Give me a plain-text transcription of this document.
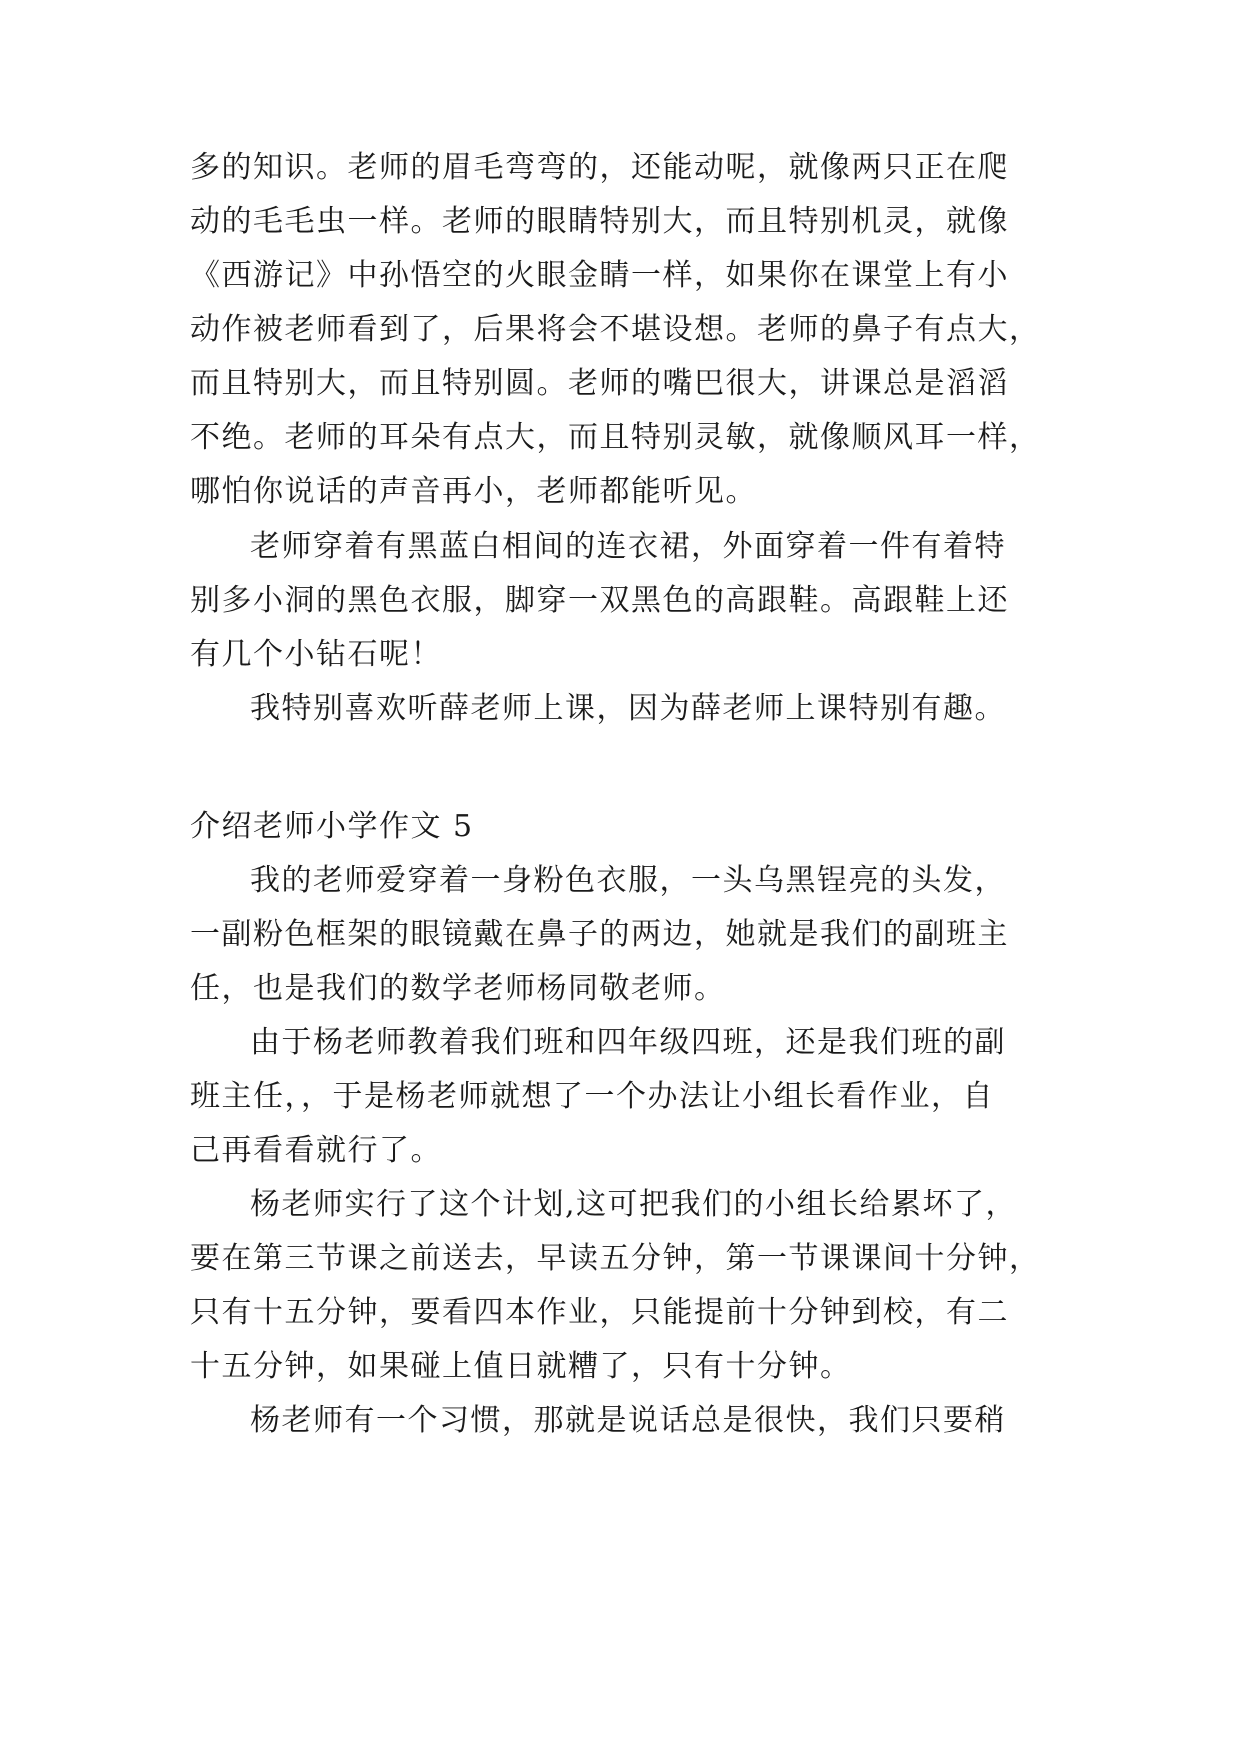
多的知识。老师的眉毛弯弯的，还能动呢，就像两只正在爬
动的毛毛虫一样。老师的眼睛特别大，而且特别机灵，就像
《西游记》中孙悟空的火眼金睛一样，如果你在课堂上有小
动作被老师看到了，后果将会不堪设想。老师的鼻子有点大，
而且特别大，而且特别圆。老师的嘴巴很大，讲课总是滔滔
不绝。老师的耳朵有点大，而且特别灵敏，就像顺风耳一样，
哪怕你说话的声音再小，老师都能听见。
老师穿着有黑蓝白相间的连衣裙，外面穿着一件有着特
别多小洞的黑色衣服，脚穿一双黑色的高跟鞋。高跟鞋上还
有几个小钻石呢！
我特别喜欢听薛老师上课，因为薛老师上课特别有趣。
介绍老师小学作文 5
我的老师爱穿着一身粉色衣服，一头乌黑锃亮的头发，
一副粉色框架的眼镜戴在鼻子的两边，她就是我们的副班主
任，也是我们的数学老师杨同敬老师。
由于杨老师教着我们班和四年级四班，还是我们班的副
班主任，，于是杨老师就想了一个办法让小组长看作业，自
己再看看就行了。
杨老师实行了这个计划,这可把我们的小组长给累坏了，
要在第三节课之前送去，早读五分钟，第一节课课间十分钟，
只有十五分钟，要看四本作业，只能提前十分钟到校，有二
十五分钟，如果碰上值日就糟了，只有十分钟。
杨老师有一个习惯，那就是说话总是很快，我们只要稍
